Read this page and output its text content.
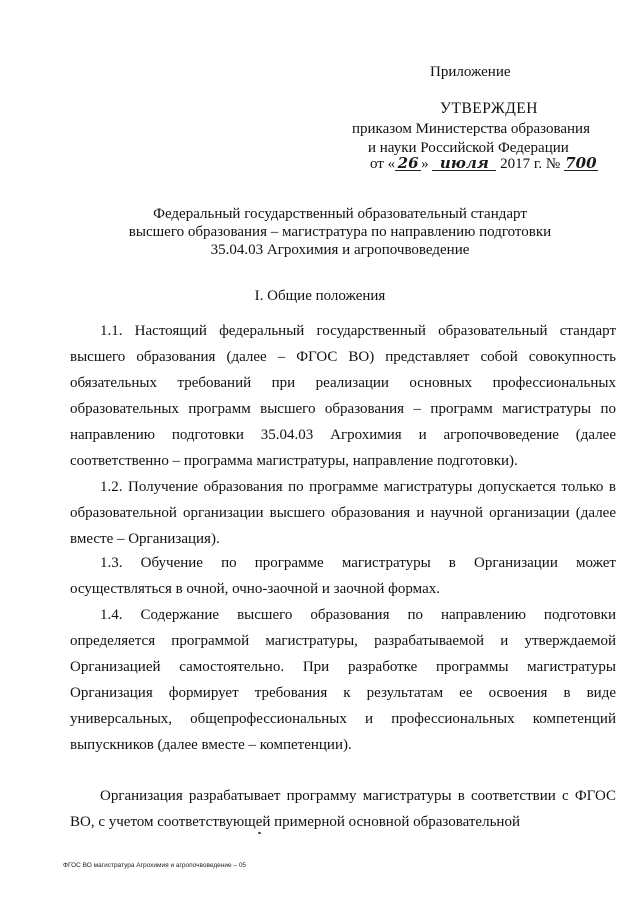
Приложение
УТВЕРЖДЕН
приказом Министерства образования
и науки Российской Федерации
от « 26 » июля 2017 г. № 700
Федеральный государственный образовательный стандарт
высшего образования – магистратура по направлению подготовки
35.04.03 Агрохимия и агропочвоведение
I. Общие положения

1.1. Настоящий федеральный государственный образовательный стандарт высшего образования (далее – ФГОС ВО) представляет собой совокупность обязательных требований при реализации основных профессиональных образовательных программ высшего образования – программ магистратуры по направлению подготовки 35.04.03 Агрохимия и агропочвоведение (далее соответственно – программа магистратуры, направление подготовки).

1.2. Получение образования по программе магистратуры допускается только в образовательной организации высшего образования и научной организации (далее вместе – Организация).

1.3. Обучение по программе магистратуры в Организации может осуществляться в очной, очно-заочной и заочной формах.

1.4. Содержание высшего образования по направлению подготовки определяется программой магистратуры, разрабатываемой и утверждаемой Организацией самостоятельно. При разработке программы магистратуры Организация формирует требования к результатам ее освоения в виде универсальных, общепрофессиональных и профессиональных компетенций выпускников (далее вместе – компетенции).

Организация разрабатывает программу магистратуры в соответствии с ФГОС ВО, с учетом соответствующей примерной основной образовательной

ФГОС ВО магистратура Агрохимия и агропочвоведение – 05
